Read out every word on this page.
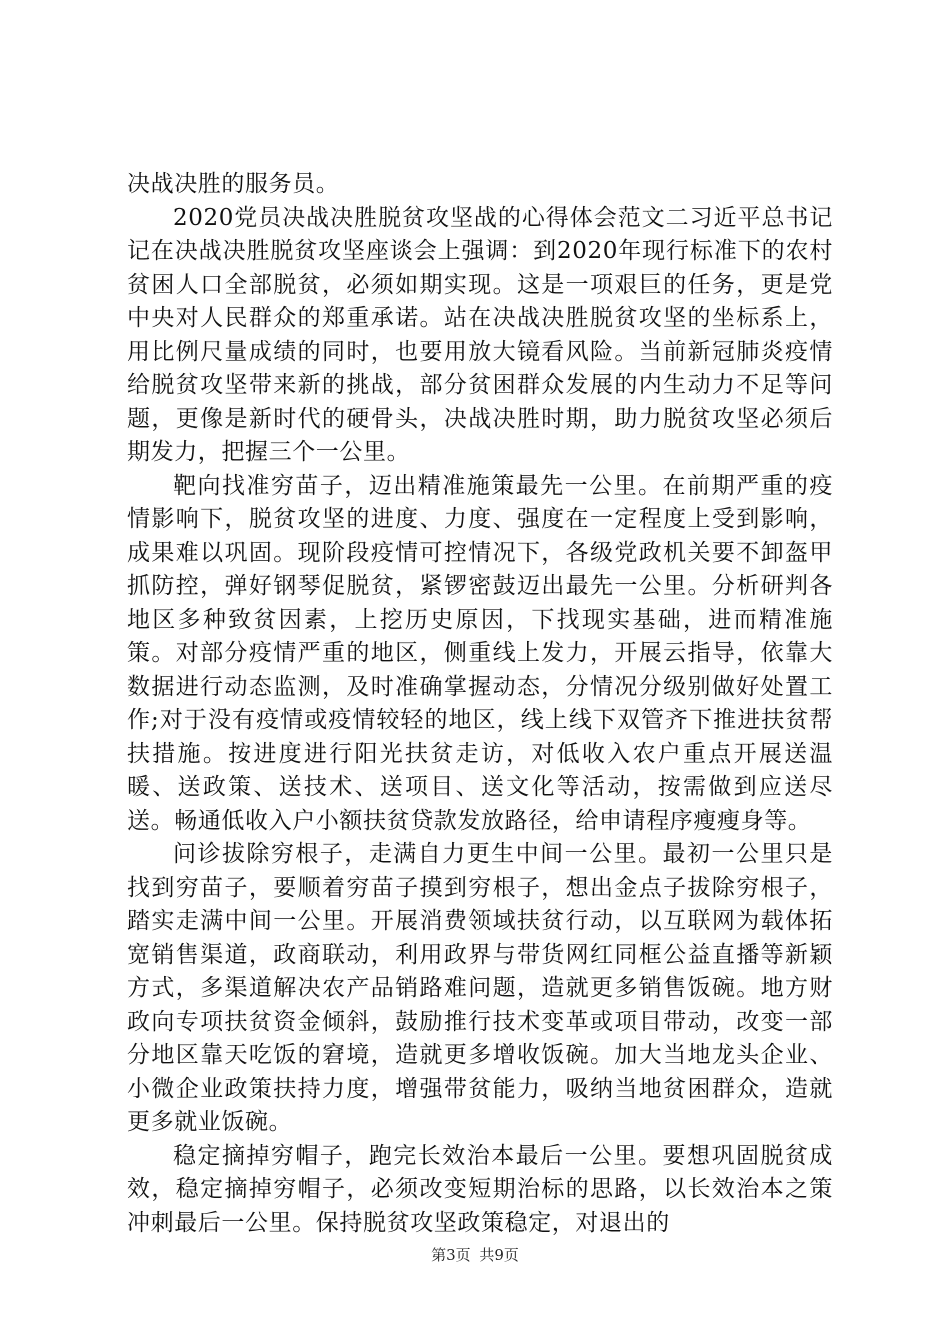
决战决胜的服务员。

2020党员决战决胜脱贫攻坚战的心得体会范文二习近平总书记记在决战决胜脱贫攻坚座谈会上强调：到2020年现行标准下的农村贫困人口全部脱贫，必须如期实现。这是一项艰巨的任务，更是党中央对人民群众的郑重承诺。站在决战决胜脱贫攻坚的坐标系上，用比例尺量成绩的同时，也要用放大镜看风险。当前新冠肺炎疫情给脱贫攻坚带来新的挑战，部分贫困群众发展的内生动力不足等问题，更像是新时代的硬骨头，决战决胜时期，助力脱贫攻坚必须后期发力，把握三个一公里。

靶向找准穷苗子，迈出精准施策最先一公里。在前期严重的疫情影响下，脱贫攻坚的进度、力度、强度在一定程度上受到影响，成果难以巩固。现阶段疫情可控情况下，各级党政机关要不卸盔甲抓防控，弹好钢琴促脱贫，紧锣密鼓迈出最先一公里。分析研判各地区多种致贫因素，上挖历史原因，下找现实基础，进而精准施策。对部分疫情严重的地区，侧重线上发力，开展云指导，依靠大数据进行动态监测，及时准确掌握动态，分情况分级别做好处置工作;对于没有疫情或疫情较轻的地区，线上线下双管齐下推进扶贫帮扶措施。按进度进行阳光扶贫走访，对低收入农户重点开展送温暖、送政策、送技术、送项目、送文化等活动，按需做到应送尽送。畅通低收入户小额扶贫贷款发放路径，给申请程序瘦瘦身等。

问诊拔除穷根子，走满自力更生中间一公里。最初一公里只是找到穷苗子，要顺着穷苗子摸到穷根子，想出金点子拔除穷根子，踏实走满中间一公里。开展消费领域扶贫行动，以互联网为载体拓宽销售渠道，政商联动，利用政界与带货网红同框公益直播等新颖方式，多渠道解决农产品销路难问题，造就更多销售饭碗。地方财政向专项扶贫资金倾斜，鼓励推行技术变革或项目带动，改变一部分地区靠天吃饭的窘境，造就更多增收饭碗。加大当地龙头企业、小微企业政策扶持力度，增强带贫能力，吸纳当地贫困群众，造就更多就业饭碗。

稳定摘掉穷帽子，跑完长效治本最后一公里。要想巩固脱贫成效，稳定摘掉穷帽子，必须改变短期治标的思路，以长效治本之策冲刺最后一公里。保持脱贫攻坚政策稳定，对退出的

第3页 共9页
